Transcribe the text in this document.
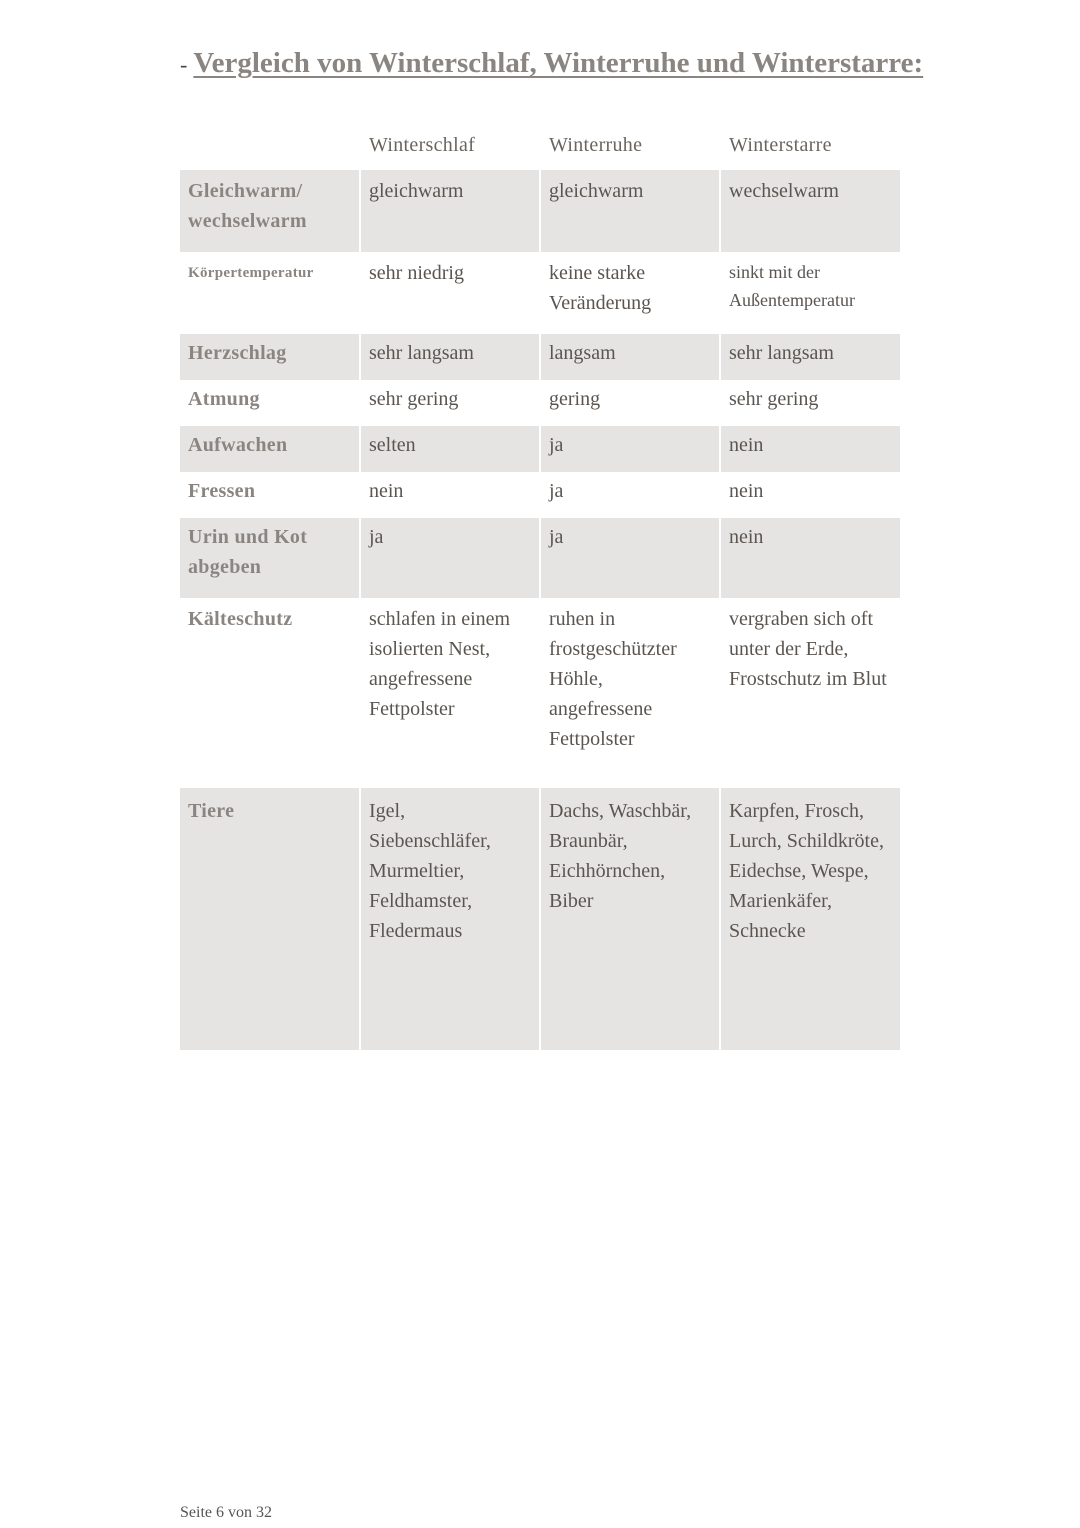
- Vergleich von Winterschlaf, Winterruhe und Winterstarre:
	Winterschlaf	Winterruhe	Winterstarre
Gleichwarm/ wechselwarm	gleichwarm	gleichwarm	wechselwarm
Körpertemperatur	sehr niedrig	keine starke Veränderung	sinkt mit der Außentemperatur
Herzschlag	sehr langsam	langsam	sehr langsam
Atmung	sehr gering	gering	sehr gering
Aufwachen	selten	ja	nein
Fressen	nein	ja	nein
Urin und Kot abgeben	ja	ja	nein
Kälteschutz	schlafen in einem isolierten Nest, angefressene Fettpolster	ruhen in frostgeschützter Höhle, angefressene Fettpolster	vergraben sich oft unter der Erde, Frostschutz im Blut
Tiere	Igel, Siebenschläfer, Murmeltier, Feldhamster, Fledermaus	Dachs, Waschbär, Braunbär, Eichhörnchen, Biber	Karpfen, Frosch, Lurch, Schildkröte, Eidechse, Wespe, Marienkäfer, Schnecke
Seite 6 von 32
